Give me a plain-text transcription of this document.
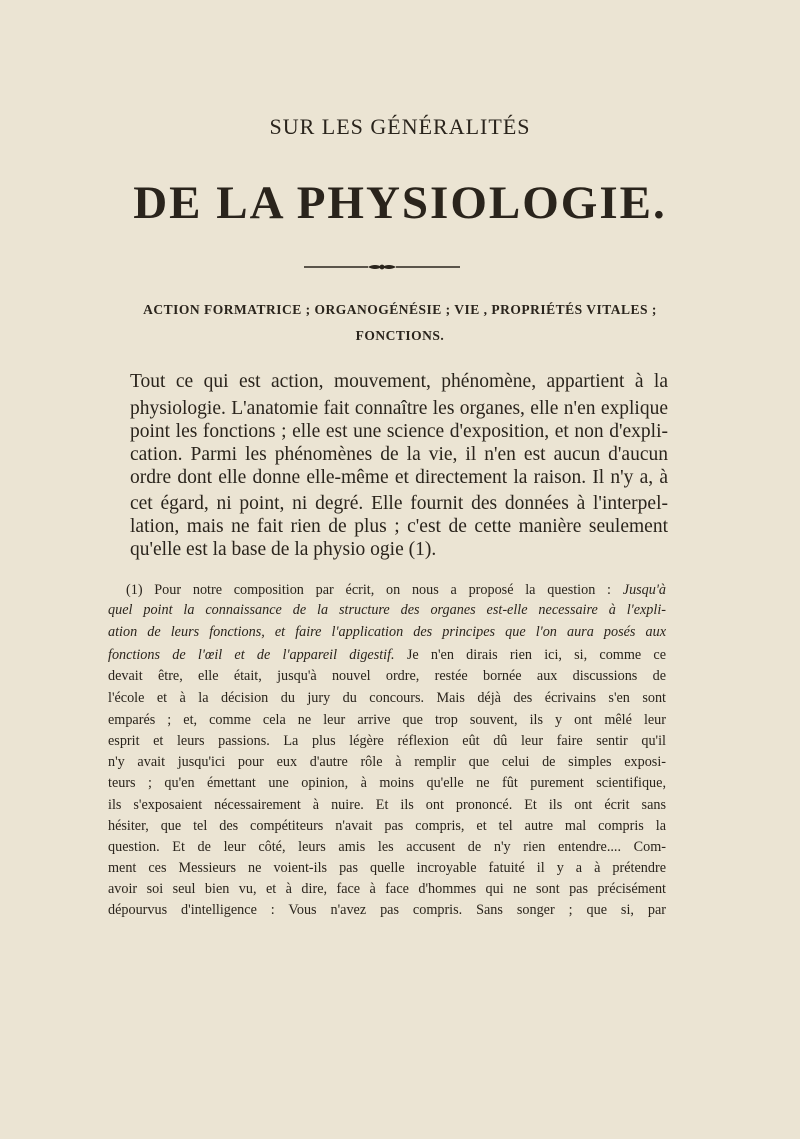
SUR LES GÉNÉRALITÉS
DE LA PHYSIOLOGIE.

ACTION FORMATRICE ; ORGANOGÉNÉSIE ; VIE , PROPRIÉTÉS VITALES ;

FONCTIONS.

Tout ce qui est action, mouvement, phénomène, appartient à la

physiologie. L'anatomie fait connaître les organes, elle n'en explique

point les fonctions ; elle est une science d'exposition, et non d'expli-

cation. Parmi les phénomènes de la vie, il n'en est aucun d'aucun

ordre dont elle donne elle-même et directement la raison. Il n'y a, à

cet égard, ni point, ni degré. Elle fournit des données à l'interpel-

lation, mais ne fait rien de plus ; c'est de cette manière seulement

qu'elle est la base de la physio ogie (1).

(1) Pour notre composition par écrit, on nous a proposé la question : Jusqu'à

quel point la connaissance de la structure des organes est-elle necessaire à l'expli-

ation de leurs fonctions, et faire l'application des principes que l'on aura posés aux

fonctions de l'œil et de l'appareil digestif. Je n'en dirais rien ici, si, comme ce

devait être, elle était, jusqu'à nouvel ordre, restée bornée aux discussions de

l'école et à la décision du jury du concours. Mais déjà des écrivains s'en sont

emparés ; et, comme cela ne leur arrive que trop souvent, ils y ont mêlé leur

esprit et leurs passions. La plus légère réflexion eût dû leur faire sentir qu'il

n'y avait jusqu'ici pour eux d'autre rôle à remplir que celui de simples exposi-

teurs ; qu'en émettant une opinion, à moins qu'elle ne fût purement scientifique,

ils s'exposaient nécessairement à nuire. Et ils ont prononcé. Et ils ont écrit sans

hésiter, que tel des compétiteurs n'avait pas compris, et tel autre mal compris la

question. Et de leur côté, leurs amis les accusent de n'y rien entendre.... Com-

ment ces Messieurs ne voient-ils pas quelle incroyable fatuité il y a à prétendre

avoir soi seul bien vu, et à dire, face à face d'hommes qui ne sont pas précisément

dépourvus d'intelligence : Vous n'avez pas compris. Sans songer ; que si, par
